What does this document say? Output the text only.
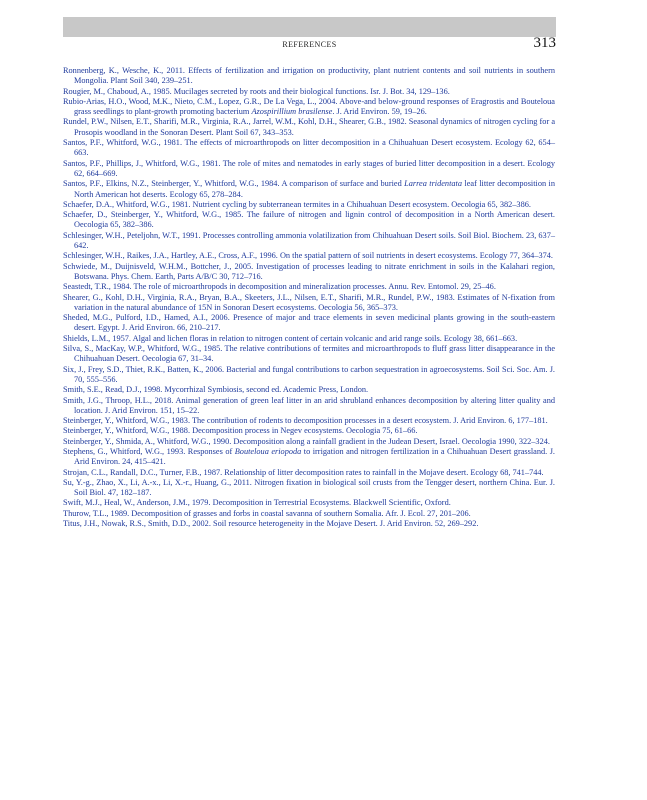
REFERENCES	313
Ronnenberg, K., Wesche, K., 2011. Effects of fertilization and irrigation on productivity, plant nutrient contents and soil nutrients in southern Mongolia. Plant Soil 340, 239–251.
Rougier, M., Chaboud, A., 1985. Mucilages secreted by roots and their biological functions. Isr. J. Bot. 34, 129–136.
Rubio-Arias, H.O., Wood, M.K., Nieto, C.M., Lopez, G.R., De La Vega, L., 2004. Above-and below-ground responses of Eragrostis and Bouteloua grass seedlings to plant-growth promoting bacterium Azospirillium brasilense. J. Arid Environ. 59, 19–26.
Rundel, P.W., Nilsen, E.T., Sharifi, M.R., Virginia, R.A., Jarrel, W.M., Kohl, D.H., Shearer, G.B., 1982. Seasonal dynamics of nitrogen cycling for a Prosopis woodland in the Sonoran Desert. Plant Soil 67, 343–353.
Santos, P.F., Whitford, W.G., 1981. The effects of microarthropods on litter decomposition in a Chihuahuan Desert ecosystem. Ecology 62, 654–663.
Santos, P.F., Phillips, J., Whitford, W.G., 1981. The role of mites and nematodes in early stages of buried litter decomposition in a desert. Ecology 62, 664–669.
Santos, P.F., Elkins, N.Z., Steinberger, Y., Whitford, W.G., 1984. A comparison of surface and buried Larrea tridentata leaf litter decomposition in North American hot deserts. Ecology 65, 278–284.
Schaefer, D.A., Whitford, W.G., 1981. Nutrient cycling by subterranean termites in a Chihuahuan Desert ecosystem. Oecologia 65, 382–386.
Schaefer, D., Steinberger, Y., Whitford, W.G., 1985. The failure of nitrogen and lignin control of decomposition in a North American desert. Oecologia 65, 382–386.
Schlesinger, W.H., Peteljohn, W.T., 1991. Processes controlling ammonia volatilization from Chihuahuan Desert soils. Soil Biol. Biochem. 23, 637–642.
Schlesinger, W.H., Raikes, J.A., Hartley, A.E., Cross, A.F., 1996. On the spatial pattern of soil nutrients in desert ecosystems. Ecology 77, 364–374.
Schwiede, M., Duijnisveld, W.H.M., Bottcher, J., 2005. Investigation of processes leading to nitrate enrichment in soils in the Kalahari region, Botswana. Phys. Chem. Earth, Parts A/B/C 30, 712–716.
Seastedt, T.R., 1984. The role of microarthropods in decomposition and mineralization processes. Annu. Rev. Entomol. 29, 25–46.
Shearer, G., Kohl, D.H., Virginia, R.A., Bryan, B.A., Skeeters, J.L., Nilsen, E.T., Sharifi, M.R., Rundel, P.W., 1983. Estimates of N-fixation from variation in the natural abundance of 15N in Sonoran Desert ecosystems. Oecologia 56, 365–373.
Sheded, M.G., Pulford, I.D., Hamed, A.I., 2006. Presence of major and trace elements in seven medicinal plants growing in the south-eastern desert. Egypt. J. Arid Environ. 66, 210–217.
Shields, L.M., 1957. Algal and lichen floras in relation to nitrogen content of certain volcanic and arid range soils. Ecology 38, 661–663.
Silva, S., MacKay, W.P., Whitford, W.G., 1985. The relative contributions of termites and microarthropods to fluff grass litter disappearance in the Chihuahuan Desert. Oecologia 67, 31–34.
Six, J., Frey, S.D., Thiet, R.K., Batten, K., 2006. Bacterial and fungal contributions to carbon sequestration in agroecosystems. Soil Sci. Soc. Am. J. 70, 555–556.
Smith, S.E., Read, D.J., 1998. Mycorrhizal Symbiosis, second ed. Academic Press, London.
Smith, J.G., Throop, H.L., 2018. Animal generation of green leaf litter in an arid shrubland enhances decomposition by altering litter quality and location. J. Arid Environ. 151, 15–22.
Steinberger, Y., Whitford, W.G., 1983. The contribution of rodents to decomposition processes in a desert ecosystem. J. Arid Environ. 6, 177–181.
Steinberger, Y., Whitford, W.G., 1988. Decomposition process in Negev ecosystems. Oecologia 75, 61–66.
Steinberger, Y., Shmida, A., Whitford, W.G., 1990. Decomposition along a rainfall gradient in the Judean Desert, Israel. Oecologia 1990, 322–324.
Stephens, G., Whitford, W.G., 1993. Responses of Bouteloua eriopoda to irrigation and nitrogen fertilization in a Chihuahuan Desert grassland. J. Arid Environ. 24, 415–421.
Strojan, C.L., Randall, D.C., Turner, F.B., 1987. Relationship of litter decomposition rates to rainfall in the Mojave desert. Ecology 68, 741–744.
Su, Y.-g., Zhao, X., Li, A.-x., Li, X.-r., Huang, G., 2011. Nitrogen fixation in biological soil crusts from the Tengger desert, northern China. Eur. J. Soil Biol. 47, 182–187.
Swift, M.J., Heal, W., Anderson, J.M., 1979. Decomposition in Terrestrial Ecosystems. Blackwell Scientific, Oxford.
Thurow, T.L., 1989. Decomposition of grasses and forbs in coastal savanna of southern Somalia. Afr. J. Ecol. 27, 201–206.
Titus, J.H., Nowak, R.S., Smith, D.D., 2002. Soil resource heterogeneity in the Mojave Desert. J. Arid Environ. 52, 269–292.
